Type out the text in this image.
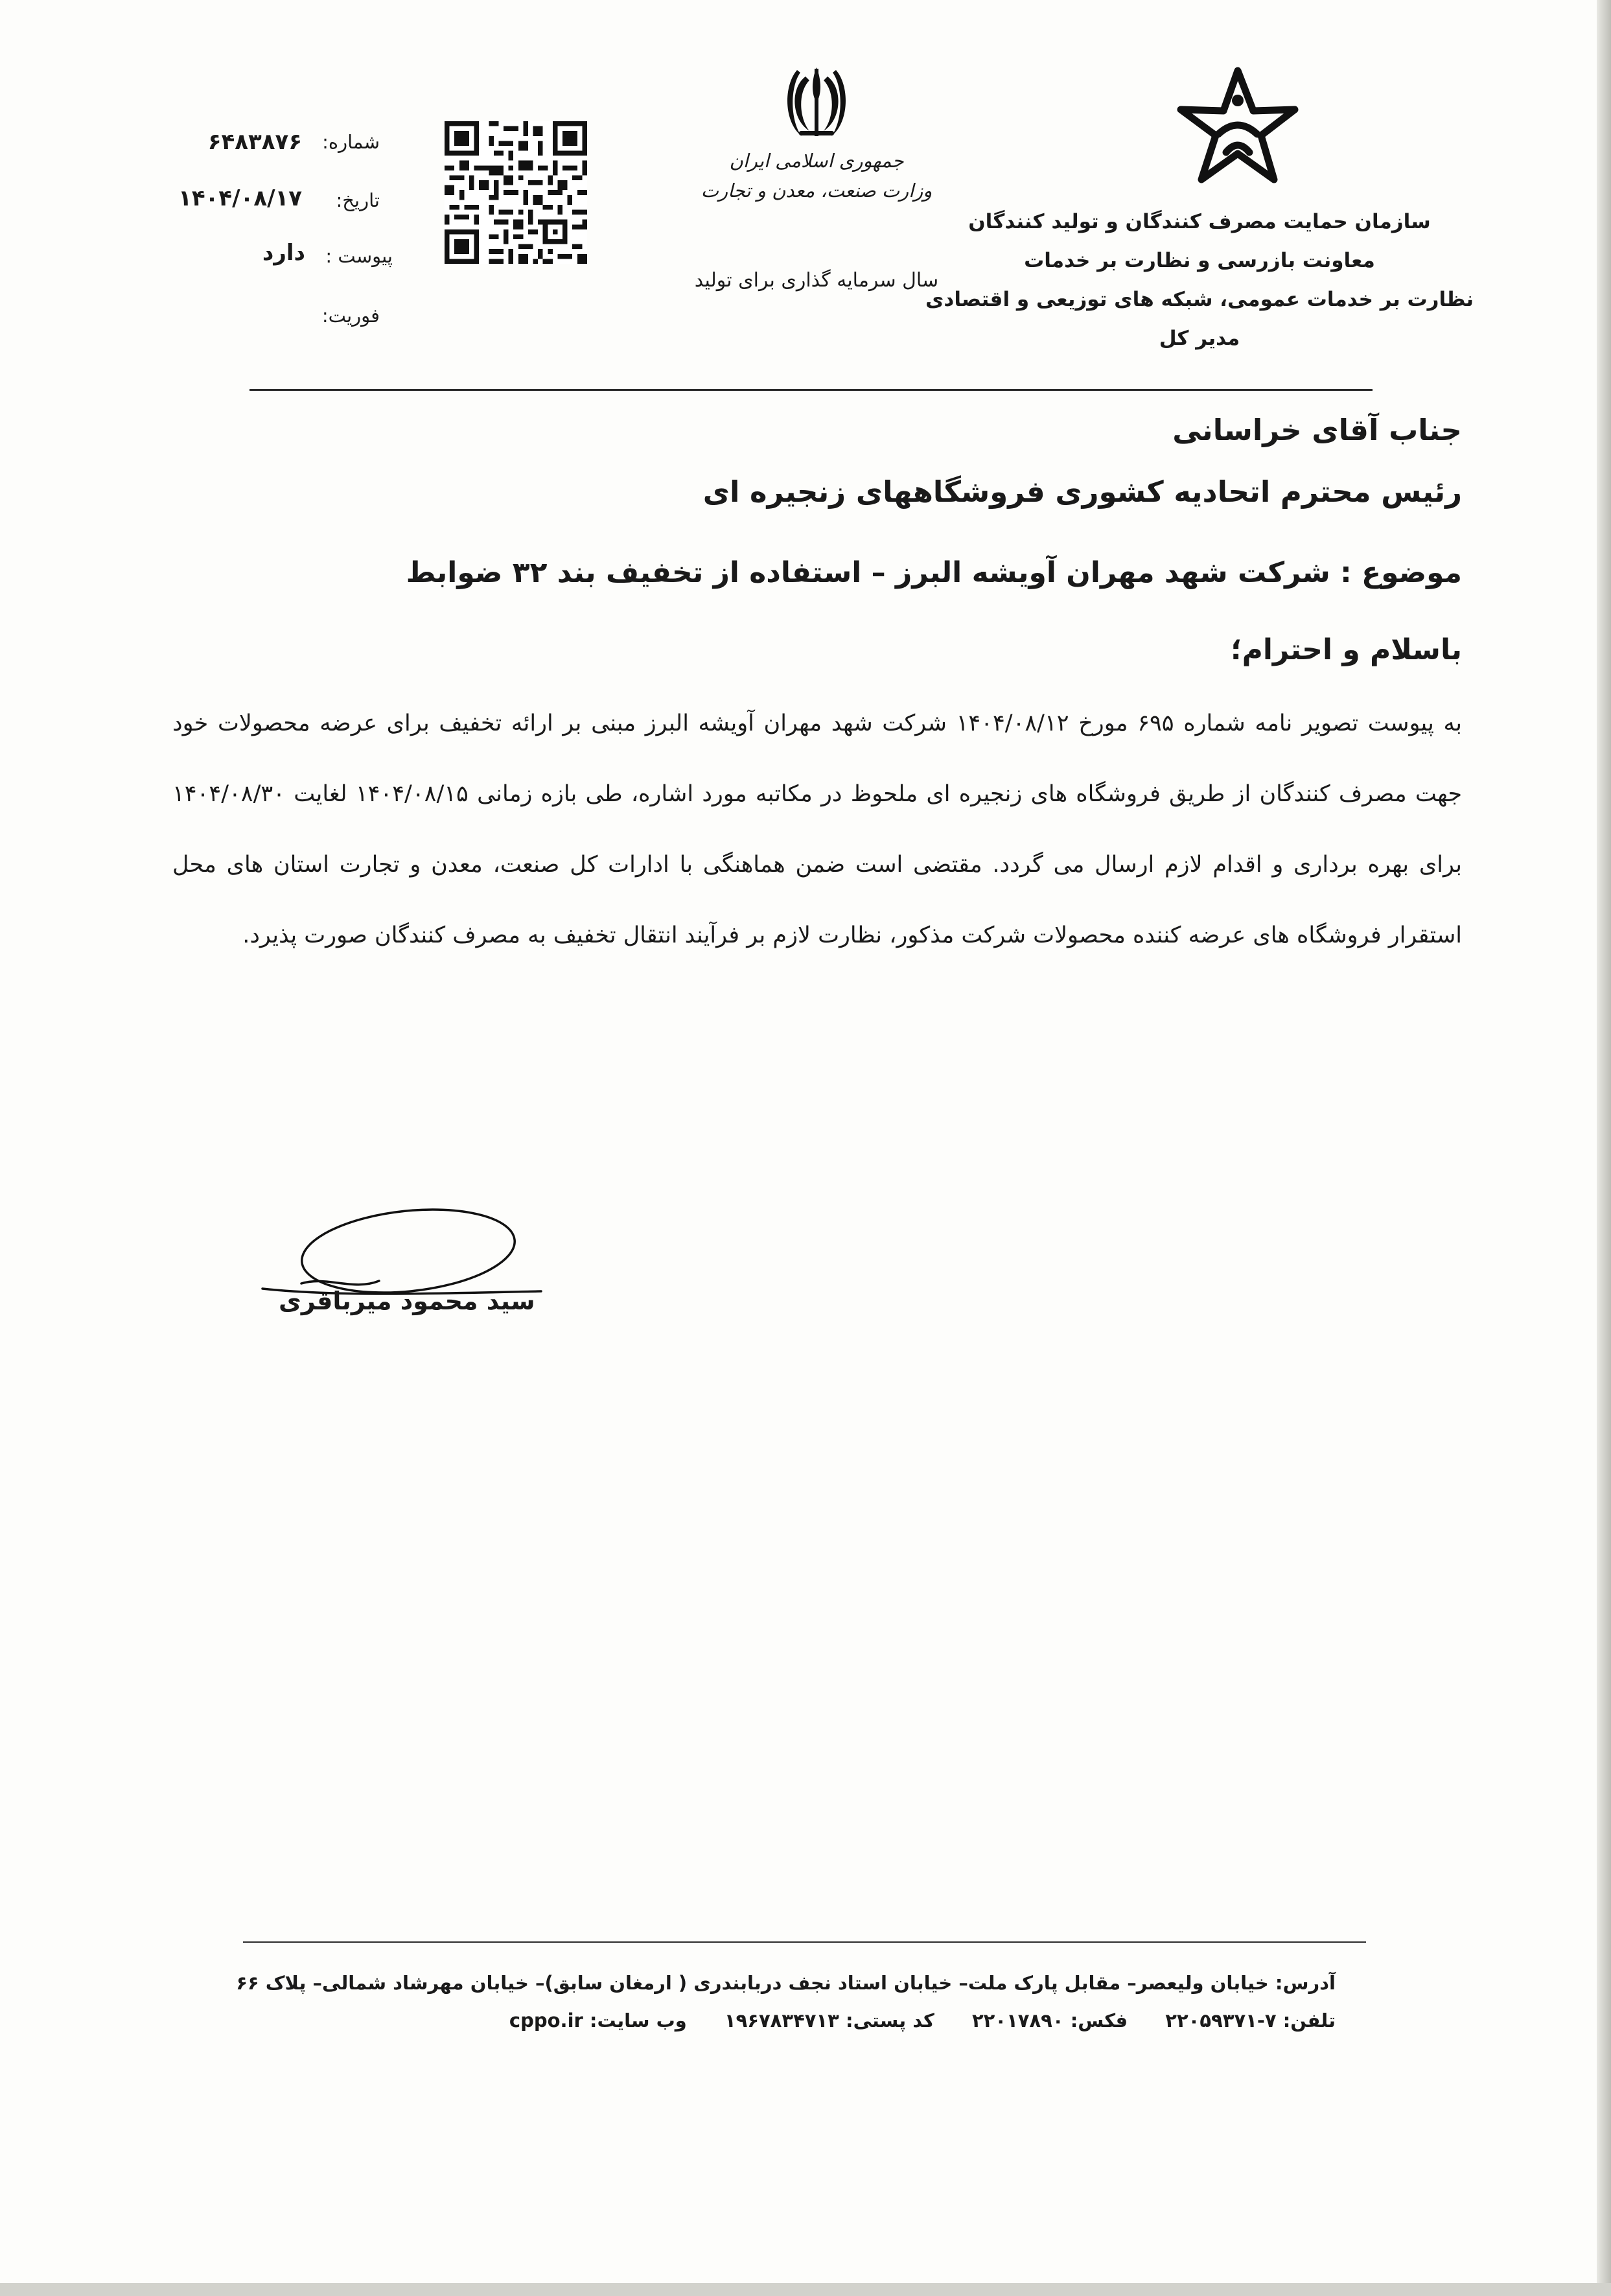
سازمان حمایت مصرف کنندگان و تولید کنندگان
معاونت بازرسی و نظارت بر خدمات
نظارت بر خدمات عمومی، شبکه های توزیعی و اقتصادی
مدیر کل
جمهوری اسلامی ایران
وزارت صنعت، معدن و تجارت
سال سرمایه گذاری برای تولید
شماره:
۶۴۸۳۸۷۶
تاریخ:
۱۴۰۴/۰۸/۱۷
پیوست :
دارد
فوریت:
جناب آقای خراسانی
رئیس محترم اتحادیه کشوری فروشگاههای زنجیره ای
موضوع : شرکت شهد مهران آویشه البرز – استفاده از تخفیف بند ۳۲ ضوابط
باسلام و احترام؛
به پیوست تصویر نامه شماره ۶۹۵ مورخ ۱۴۰۴/۰۸/۱۲ شرکت شهد مهران آویشه البرز مبنی بر ارائه تخفیف برای عرضه محصولات خود جهت مصرف کنندگان از طریق فروشگاه های زنجیره ای ملحوظ در مکاتبه مورد اشاره، طی بازه زمانی ۱۴۰۴/۰۸/۱۵ لغایت ۱۴۰۴/۰۸/۳۰ برای بهره برداری و اقدام لازم ارسال می گردد. مقتضی است ضمن هماهنگی با ادارات کل صنعت، معدن و تجارت استان های محل استقرار فروشگاه های عرضه کننده محصولات شرکت مذکور، نظارت لازم بر فرآیند انتقال تخفیف به مصرف کنندگان صورت پذیرد.
سید محمود میرباقری
آدرس: خیابان ولیعصر– مقابل پارک ملت– خیابان استاد نجف دربابندری ( ارمغان سابق)– خیابان مهرشاد شمالی– پلاک ۶۶
تلفن: ۷-۲۲۰۵۹۳۷۱ فکس: ۲۲۰۱۷۸۹۰ کد پستی: ۱۹۶۷۸۳۴۷۱۳ وب سایت: cppo.ir
